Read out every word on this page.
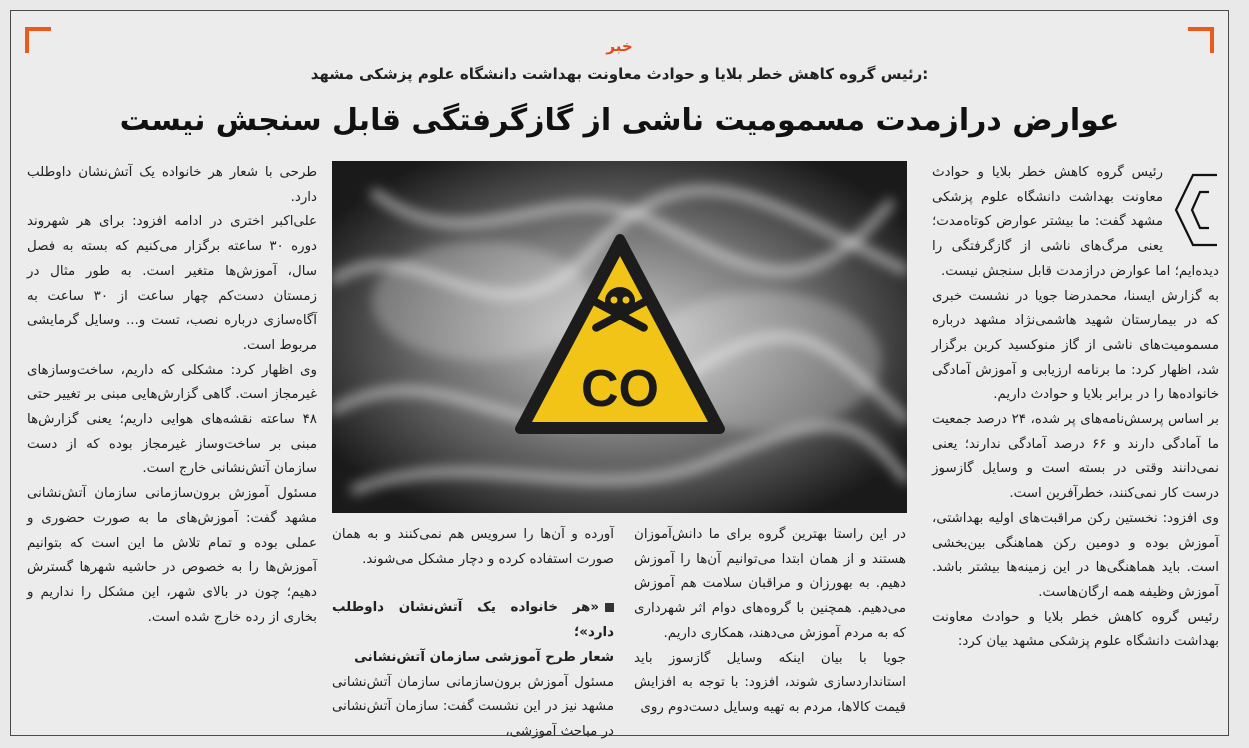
خبر
رئیس گروه کاهش خطر بلایا و حوادث معاونت بهداشت دانشگاه علوم پزشکی مشهد:
عوارض درازمدت مسمومیت ناشی از گازگرفتگی قابل سنجش نیست

رئیس گروه کاهش خطر بلایا و حوادث معاونت بهداشت دانشگاه علوم پزشکی مشهد گفت: ما بیشتر عوارض کوتاه‌مدت؛ یعنی مرگ‌های ناشی از گازگرفتگی را دیده‌ایم؛ اما عوارض درازمدت قابل سنجش نیست.

به گزارش ایسنا، محمدرضا جویا در نشست خبری که در بیمارستان شهید هاشمی‌نژاد مشهد درباره مسمومیت‌های ناشی از گاز منوکسید کربن برگزار شد، اظهار کرد: ما برنامه ارزیابی و آموزش آمادگی خانواده‌ها را در برابر بلایا و حوادث داریم.

بر اساس پرسش‌نامه‌های پر شده، ۲۴ درصد جمعیت ما آمادگی دارند و ۶۶ درصد آمادگی ندارند؛ یعنی نمی‌دانند وقتی در بسته است و وسایل گازسوز درست کار نمی‌کنند، خطرآفرین است.

وی افزود: نخستین رکن مراقبت‌های اولیه بهداشتی، آموزش بوده و دومین رکن هماهنگی بین‌بخشی است. باید هماهنگی‌ها در این زمینه‌ها بیشتر باشد. آموزش وظیفه همه ارگان‌هاست.

رئیس گروه کاهش خطر بلایا و حوادث معاونت بهداشت دانشگاه علوم پزشکی مشهد بیان کرد:

CO

در این راستا بهترین گروه برای ما دانش‌آموزان هستند و از همان ابتدا می‌توانیم آن‌ها را آموزش دهیم. به بهورزان و مراقبان سلامت هم آموزش می‌دهیم. همچنین با گروه‌های دوام اثر شهرداری که به مردم آموزش می‌دهند، همکاری داریم.

جویا با بیان اینکه وسایل گازسوز باید استانداردسازی شوند، افزود: با توجه به افزایش قیمت کالاها، مردم به تهیه وسایل دست‌دوم روی

آورده و آن‌ها را سرویس هم نمی‌کنند و به همان صورت استفاده کرده و دچار مشکل می‌شوند.

«هر خانواده یک آتش‌نشان داوطلب دارد»؛

شعار طرح آموزشی سازمان آتش‌نشانی

مسئول آموزش برون‌سازمانی سازمان آتش‌نشانی مشهد نیز در این نشست گفت: سازمان آتش‌نشانی در مباحث آموزشی،

طرحی با شعار هر خانواده یک آتش‌نشان داوطلب دارد.

علی‌اکبر اختری در ادامه افزود: برای هر شهروند دوره ۳۰ ساعته برگزار می‌کنیم که بسته به فصل سال، آموزش‌ها متغیر است. به طور مثال در زمستان دست‌کم چهار ساعت از ۳۰ ساعت به آگاه‌سازی درباره نصب، تست و... وسایل گرمایشی مربوط است.

وی اظهار کرد: مشکلی که داریم، ساخت‌وسازهای غیرمجاز است. گاهی گزارش‌هایی مبنی بر تغییر حتی ۴۸ ساعته نقشه‌های هوایی داریم؛ یعنی گزارش‌ها مبنی بر ساخت‌وساز غیرمجاز بوده که از دست سازمان آتش‌نشانی خارج است.

مسئول آموزش برون‌سازمانی سازمان آتش‌نشانی مشهد گفت: آموزش‌های ما به صورت حضوری و عملی بوده و تمام تلاش ما این است که بتوانیم آموزش‌ها را به خصوص در حاشیه شهرها گسترش دهیم؛ چون در بالای شهر، این مشکل را نداریم و بخاری از رده خارج شده است.
